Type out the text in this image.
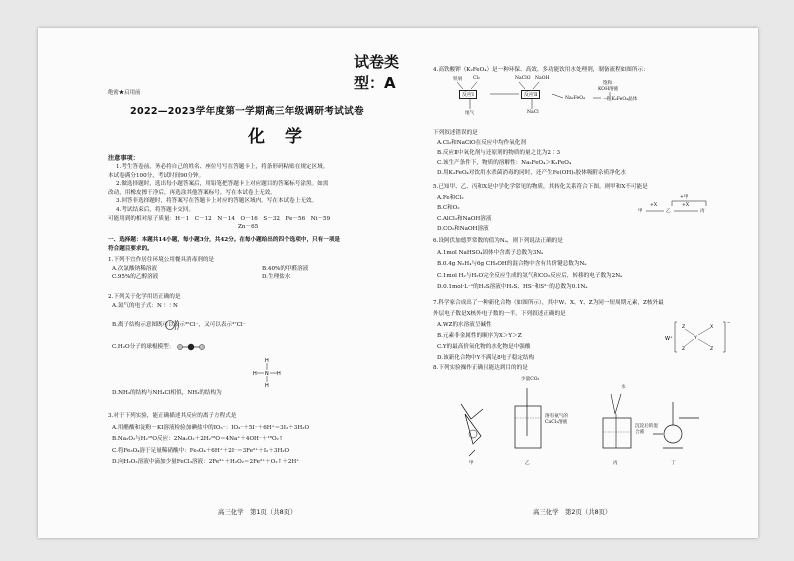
试卷类型：A
绝密★启用前
2022—2023学年度第一学期高三年级调研考试试卷
化学
注意事项：
1.考生答卷前，务必将自己的姓名、座位号写在答题卡上，将条形码粘贴在规定区域。
本试卷满分100分，考试时间90分钟。
2.做选择题时，选出每小题答案后，用铅笔把答题卡上对应题目的答案标号涂黑。如需
改动，用橡皮擦干净后，再选涂其他答案标号。写在本试卷上无效。
3.回答非选择题时，将答案写在答题卡上对应的答题区域内。写在本试卷上无效。
4.考试结束后，将答题卡交回。
可能用到的相对原子质量：H－1　C－12　N－14　O－16　S－32　Fe－56　Ni－59
Zn－65
一、选择题：本题共14小题，每小题3分，共42分。在每小题给出的四个选项中，只有一项是
符合题目要求的。
1.下列不宜作居住环境公用餐具消毒剂的是
A.次氯酸钠稀溶液	B.40%的甲醛溶液
C.95%的乙醇溶液	D.生理盐水
2.下列关于化学用语正确的是
A.氮气的电子式：N⋮⋮N
B.离子结构示意图既可以表示³⁵Cl⁻，又可以表示³⁷Cl⁻
C.H₂O分子的球棍模型：
H
N
H	H
H
D.NH₃的结构与NH₄Cl相似，NH₃的结构为
3.对于下列实验，能正确描述其反应的离子方程式是
A.用醋酸和淀粉－KI溶液检验加碘盐中的IO₃⁻：IO₃⁻＋5I⁻＋6H⁺＝3I₂＋3H₂O
B.Na₂O₂与H₂¹⁸O反应：2Na₂O₂＋2H₂¹⁸O＝4Na⁺＋4OH⁻＋¹⁸O₂↑
C.将Fe₃O₄溶于足量稀硝酸中：Fe₃O₄＋6H⁺＋2I⁻＝3Fe²⁺＋I₂＋3H₂O
D.向H₂O₂溶液中滴加少量FeCl₃溶液：2Fe³⁺＋H₂O₂＝2Fe²⁺＋O₂↑＋2H⁺
高三化学　第1页（共8页）
4.高铁酸钾（K₂FeO₄）是一种环保、高效、多功能饮用水处理剂，制备流程如图所示：
铁屑 Cl₂	NaClO NaOH
反应Ⅰ	反应Ⅱ
尾气	NaCl
饱和
KOH溶液
Na₂FeO₄	→粗K₂FeO₄晶体
下列叙述错误的是
A.Cl₂和NaClO在反应中均作氧化剂
B.反应Ⅱ中氧化剂与还原剂的物质的量之比为2∶3
C.该生产条件下，物质的溶解性：Na₂FeO₄＞K₂FeO₄
D.用K₂FeO₄对饮用水杀菌消毒的同时，还产生Fe(OH)₃胶体吸附杂质净化水
5.已知甲、乙、丙和X是中学化学常见的物质，其转化关系符合下图。则甲和X不可能是
A.Fe和Cl₂
B.C和O₂
C.AlCl₃和NaOH溶液
D.CO₂和NaOH溶液
甲
+X
乙
+X
丙
+甲
6.设阿伏加德罗常数的值为Nₐ，则下列说法正确的是
A.1mol NaHSO₄固体中含离子总数为3Nₐ
B.0.4g N₂H₄与6g CH₃OH的混合物中含有共价键总数为Nₐ
C.1mol H₂与H₂O完全反应生成的氢气和CO₂反应后，转移的电子数为2Nₐ
D.0.1mol·L⁻¹的H₂S溶液中H₂S、HS⁻和S²⁻的总数为0.1Nₐ
7.科学家合成出了一种新化合物（如图所示），其中W、X、Y、Z为同一短周期元素，Z核外最
外层电子数是X核外电子数的一半。下列叙述正确的是
A.WZ的水溶液呈碱性
B.元素非金属性的顺序为X＞Y＞Z
C.Y的最高价氧化物的水化物是中强酸
D.该新化合物中Y不满足8电子稳定结构
W⁺
Z
Z
Y
X
Z
−
8.下列实验操作正确且能达到目的的是
少量CO₂
溶有氨气的CaCl₂溶液
水
沉淀后的混合液
甲	乙	丙	丁
高三化学　第2页（共8页）
